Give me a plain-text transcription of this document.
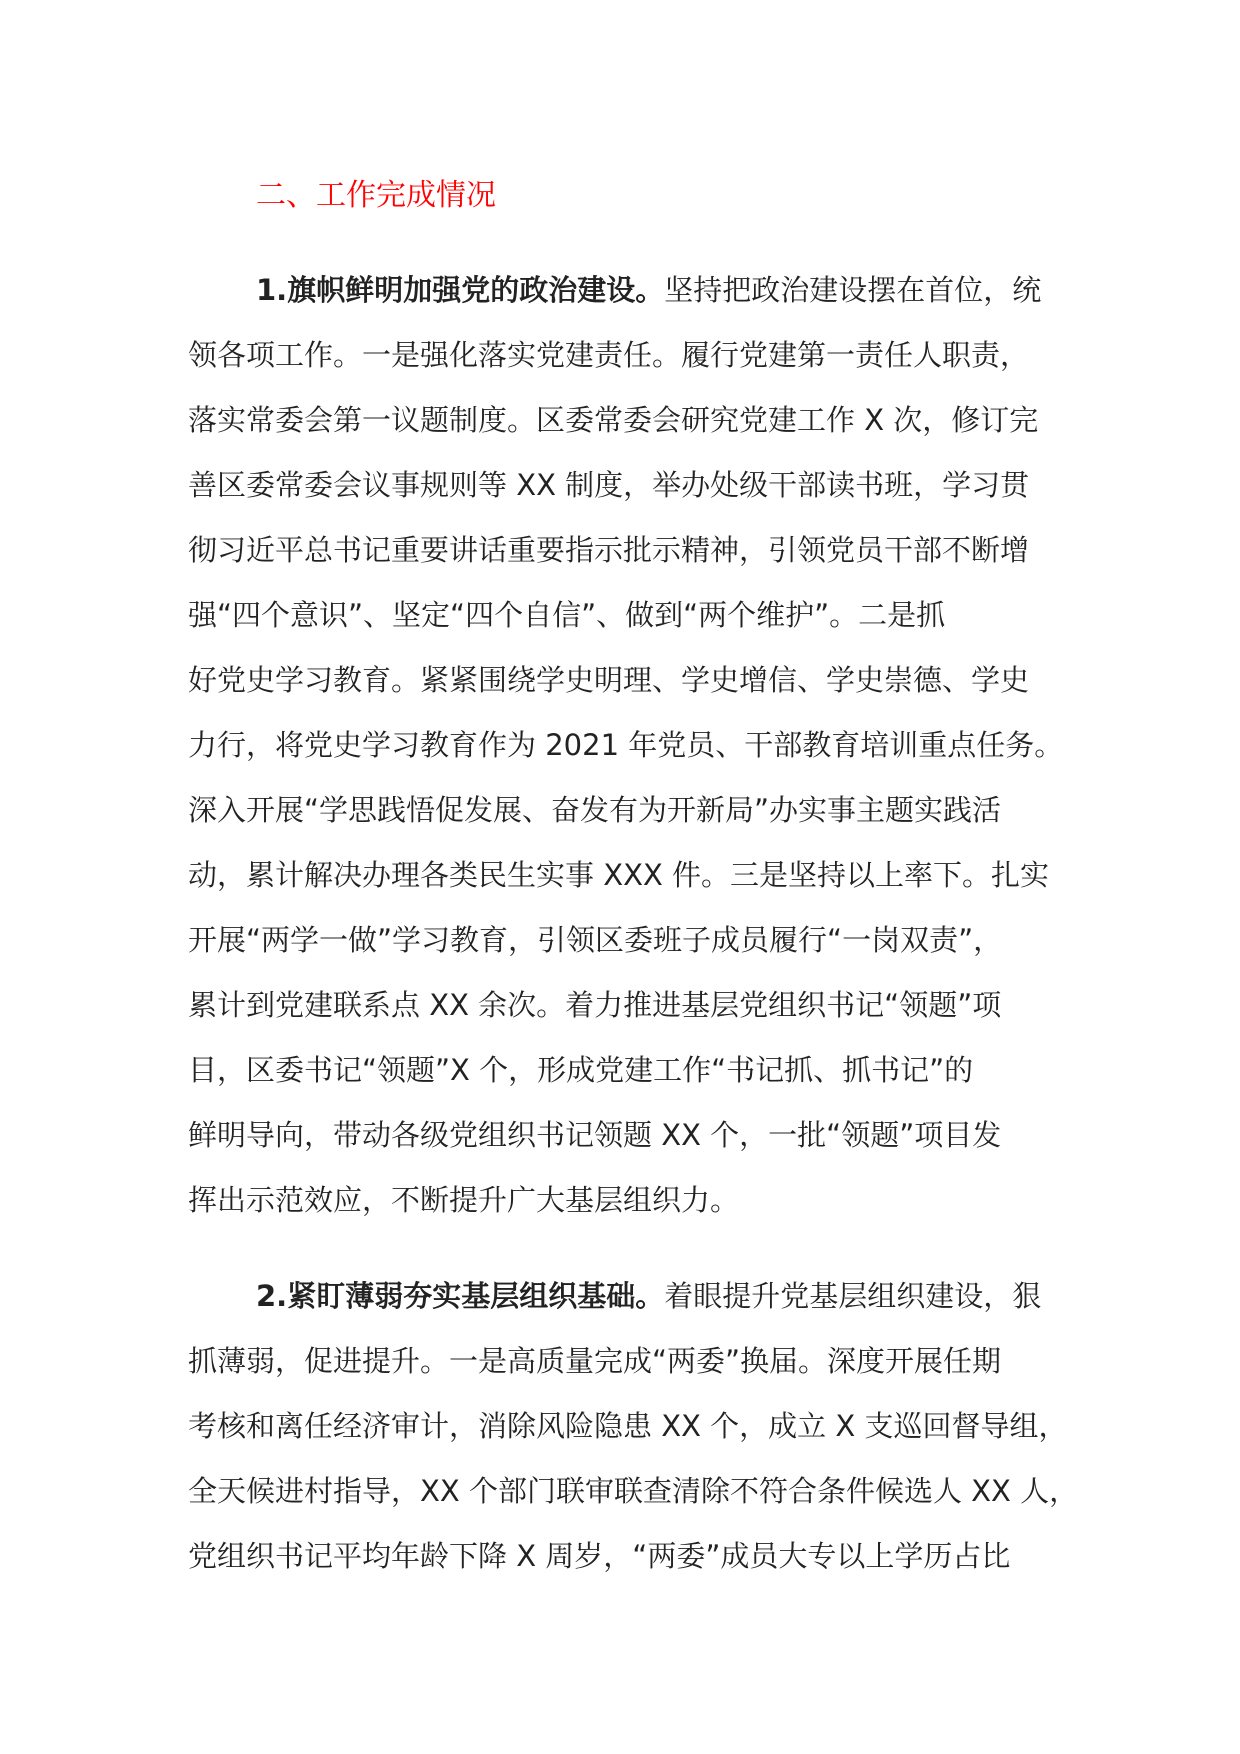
二、工作完成情况
1.旗帜鲜明加强党的政治建设。坚持把政治建设摆在首位，统
领各项工作。一是强化落实党建责任。履行党建第一责任人职责，
落实常委会第一议题制度。区委常委会研究党建工作 X 次，修订完
善区委常委会议事规则等 XX 制度，举办处级干部读书班，学习贯
彻习近平总书记重要讲话重要指示批示精神，引领党员干部不断增
强“四个意识”、坚定“四个自信”、做到“两个维护”。二是抓
好党史学习教育。紧紧围绕学史明理、学史增信、学史崇德、学史
力行，将党史学习教育作为 2021 年党员、干部教育培训重点任务。
深入开展“学思践悟促发展、奋发有为开新局”办实事主题实践活
动，累计解决办理各类民生实事 XXX 件。三是坚持以上率下。扎实
开展“两学一做”学习教育，引领区委班子成员履行“一岗双责”，
累计到党建联系点 XX 余次。着力推进基层党组织书记“领题”项
目，区委书记“领题”X 个，形成党建工作“书记抓、抓书记”的
鲜明导向，带动各级党组织书记领题 XX 个，一批“领题”项目发
挥出示范效应，不断提升广大基层组织力。
2.紧盯薄弱夯实基层组织基础。着眼提升党基层组织建设，狠
抓薄弱，促进提升。一是高质量完成“两委”换届。深度开展任期
考核和离任经济审计，消除风险隐患 XX 个，成立 X 支巡回督导组，
全天候进村指导，XX 个部门联审联查清除不符合条件候选人 XX 人，
党组织书记平均年龄下降 X 周岁，“两委”成员大专以上学历占比
